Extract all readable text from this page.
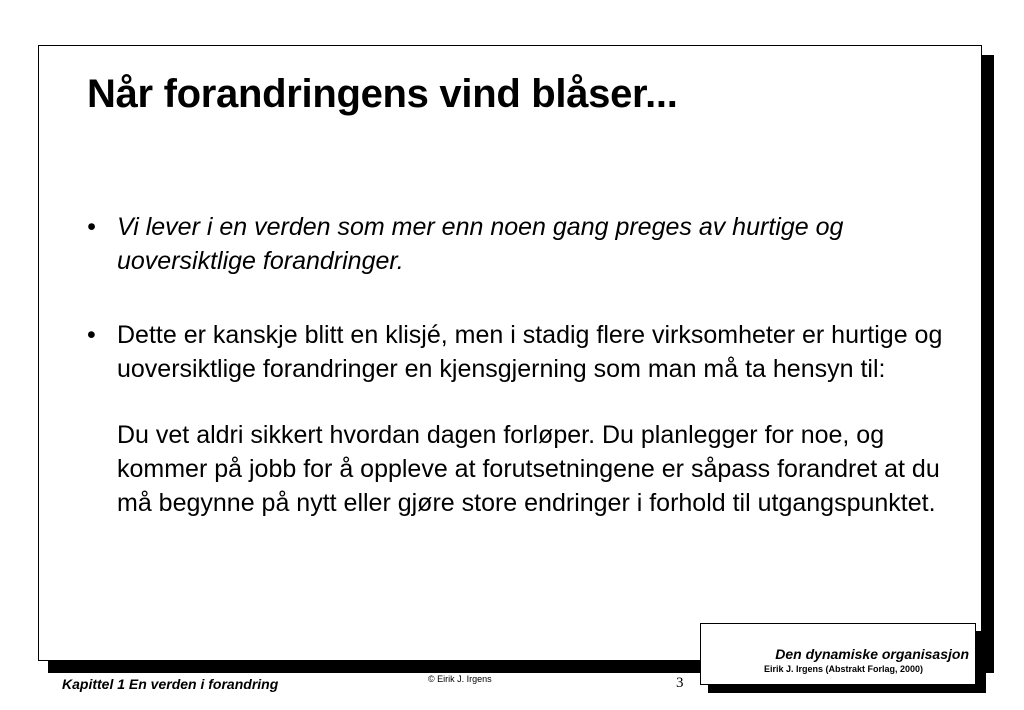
Når forandringens vind blåser...
• Vi lever i en verden som mer enn noen gang preges av hurtige og uoversiktlige forandringer.
• Dette er kanskje blitt en klisjé, men i stadig flere virksomheter er hurtige og uoversiktlige forandringer en kjensgjerning som man må ta hensyn til:
Du vet aldri sikkert hvordan dagen forløper. Du planlegger for noe, og kommer på jobb for å oppleve at forutsetningene er såpass forandret at du må begynne på nytt eller gjøre store endringer i forhold til utgangspunktet.
Den dynamiske organisasjon
Eirik J. Irgens (Abstrakt Forlag, 2000)
Kapittel 1 En verden i forandring	© Eirik J. Irgens	3
